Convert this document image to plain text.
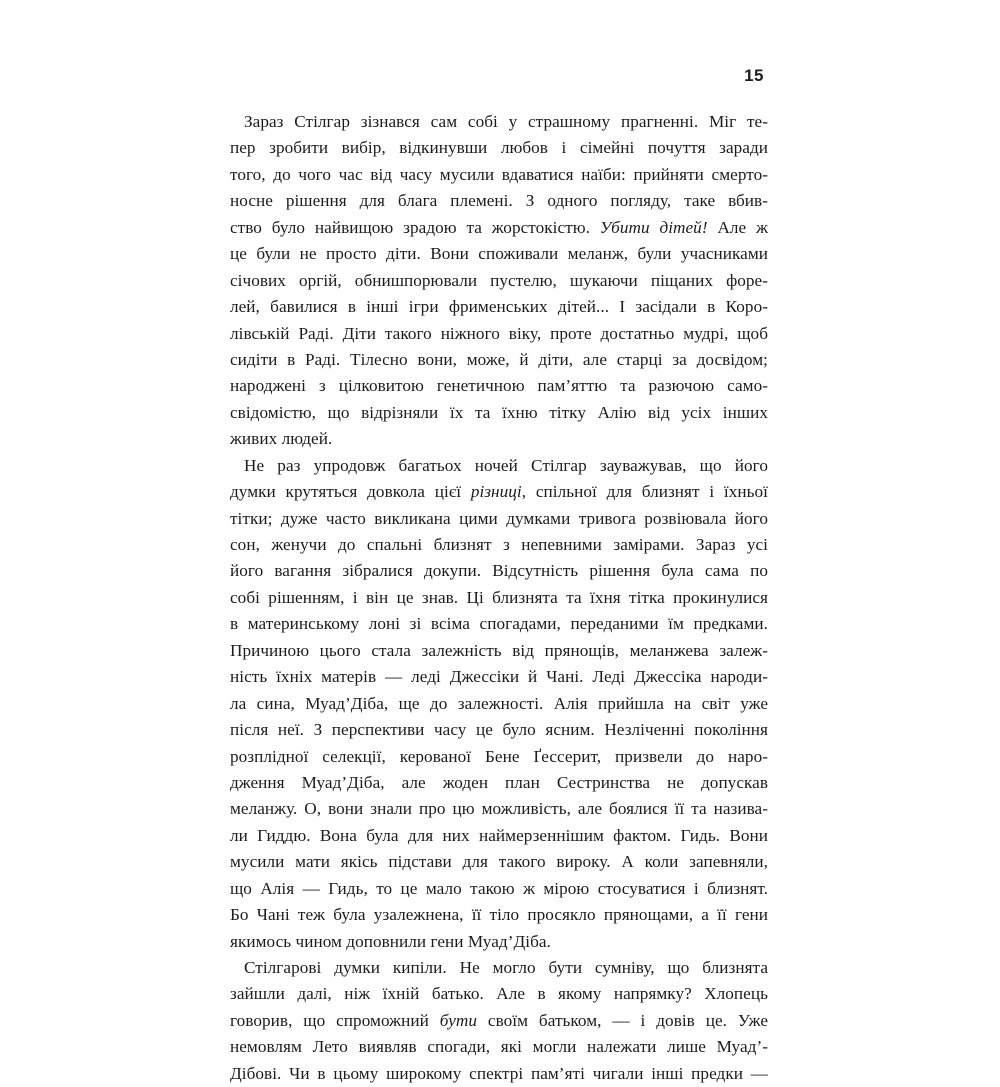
15
Зараз Стілгар зізнався сам собі у страшному прагненні. Міг те-
пер зробити вибір, відкинувши любов і сімейні почуття заради
того, до чого час від часу мусили вдаватися наїби: прийняти смерто-
носне рішення для блага племені. З одного погляду, таке вбив-
ство було найвищою зрадою та жорстокістю. Убити дітей! Але ж
це були не просто діти. Вони споживали меланж, були учасниками
січових оргій, обнишпорювали пустелю, шукаючи піщаних форе-
лей, бавилися в інші ігри фрименських дітей... І засідали в Коро-
лівській Раді. Діти такого ніжного віку, проте достатньо мудрі, щоб
сидіти в Раді. Тілесно вони, може, й діти, але старці за досвідом;
народжені з цілковитою генетичною пам’яттю та разючою само-
свідомістю, що відрізняли їх та їхню тітку Алію від усіх інших
живих людей.
Не раз упродовж багатьох ночей Стілгар зауважував, що його
думки крутяться довкола цієї різниці, спільної для близнят і їхньої
тітки; дуже часто викликана цими думками тривога розвіювала його
сон, женучи до спальні близнят з непевними замірами. Зараз усі
його вагання зібралися докупи. Відсутність рішення була сама по
собі рішенням, і він це знав. Ці близнята та їхня тітка прокинулися
в материнському лоні зі всіма спогадами, переданими їм предками.
Причиною цього стала залежність від прянощів, меланжева залеж-
ність їхніх матерів — леді Джессіки й Чані. Леді Джессіка народи-
ла сина, Муад’Діба, ще до залежності. Алія прийшла на світ уже
після неї. З перспективи часу це було ясним. Незліченні покоління
розплідної селекції, керованої Бене Ґессерит, призвели до наро-
дження Муад’Діба, але жоден план Сестринства не допускав
меланжу. О, вони знали про цю можливість, але боялися її та назива-
ли Гиддю. Вона була для них наймерзеннішим фактом. Гидь. Вони
мусили мати якісь підстави для такого вироку. А коли запевняли,
що Алія — Гидь, то це мало такою ж мірою стосуватися і близнят.
Бо Чані теж була узалежнена, її тіло просякло прянощами, а її гени
якимось чином доповнили гени Муад’Діба.
Стілгарові думки кипіли. Не могло бути сумніву, що близнята
зайшли далі, ніж їхній батько. Але в якому напрямку? Хлопець
говорив, що спроможний бути своїм батьком, — і довів це. Уже
немовлям Лето виявляв спогади, які могли належати лише Муад’-
Дібові. Чи в цьому широкому спектрі пам’яті чигали інші предки —
